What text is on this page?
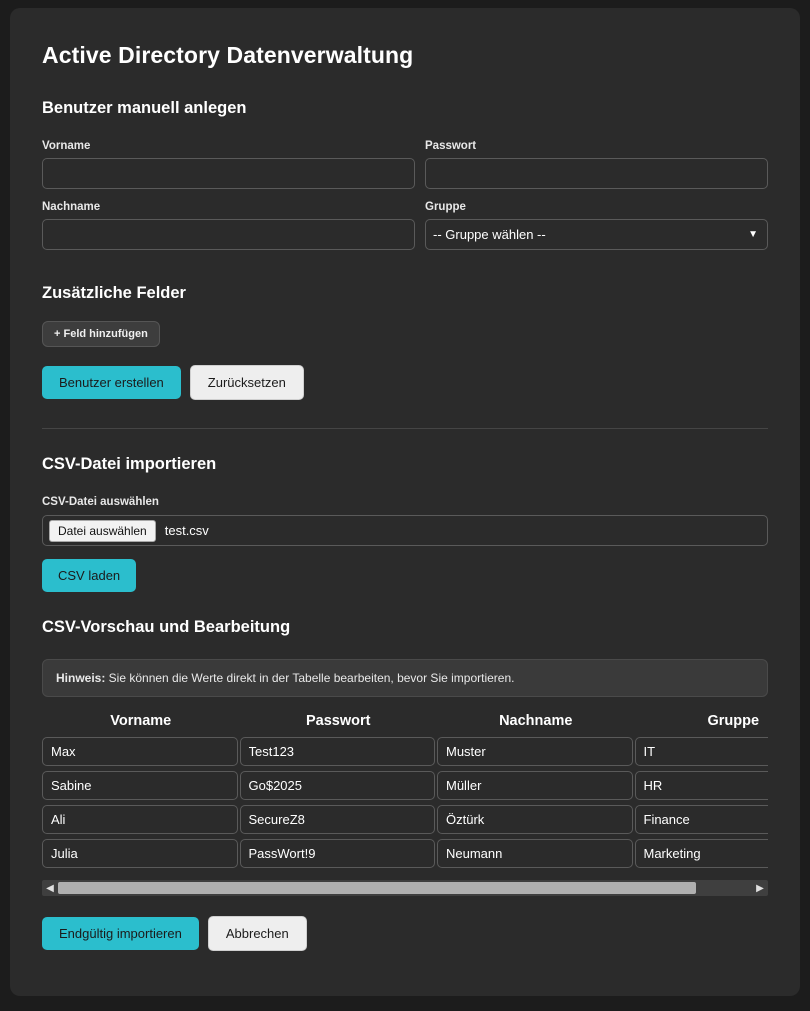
Active Directory Datenverwaltung
Benutzer manuell anlegen
Vorname	Passwort
Nachname	Gruppe
-- Gruppe wählen --
▼
Zusätzliche Felder
+ Feld hinzufügen
Benutzer erstellen	Zurücksetzen
CSV-Datei importieren
CSV-Datei auswählen
Datei auswählen	test.csv
CSV laden
CSV-Vorschau und Bearbeitung
Hinweis: Sie können die Werte direkt in der Tabelle bearbeiten, bevor Sie importieren.
Vorname	Passwort	Nachname	Gruppe
Max	Test123	Muster	IT
Sabine	Go$2025	Müller	HR
Ali	SecureZ8	Öztürk	Finance
Julia	PassWort!9	Neumann	Marketing
◀	▶
Endgültig importieren	Abbrechen
